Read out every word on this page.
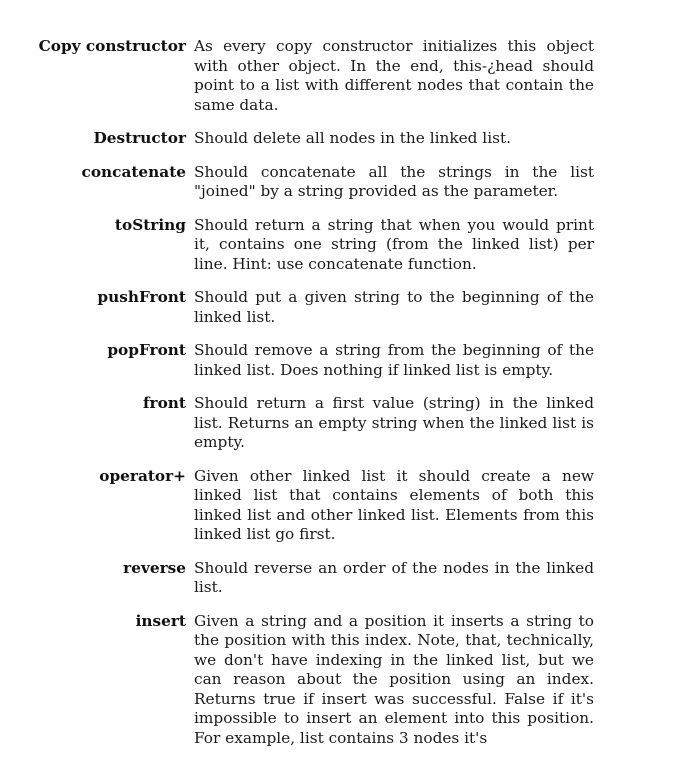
Copy constructor As every copy constructor initializes this object with other object. In the end, this-¿head should point to a list with different nodes that contain the same data.
Destructor Should delete all nodes in the linked list.
concatenate Should concatenate all the strings in the list "joined" by a string provided as the parameter.
toString Should return a string that when you would print it, contains one string (from the linked list) per line. Hint: use concatenate function.
pushFront Should put a given string to the beginning of the linked list.
popFront Should remove a string from the beginning of the linked list. Does nothing if linked list is empty.
front Should return a first value (string) in the linked list. Returns an empty string when the linked list is empty.
operator+ Given other linked list it should create a new linked list that contains elements of both this linked list and other linked list. Elements from this linked list go first.
reverse Should reverse an order of the nodes in the linked list.
insert Given a string and a position it inserts a string to the position with this index. Note, that, technically, we don't have indexing in the linked list, but we can reason about the position using an index. Returns true if insert was successful. False if it's impossible to insert an element into this position. For example, list contains 3 nodes it's
